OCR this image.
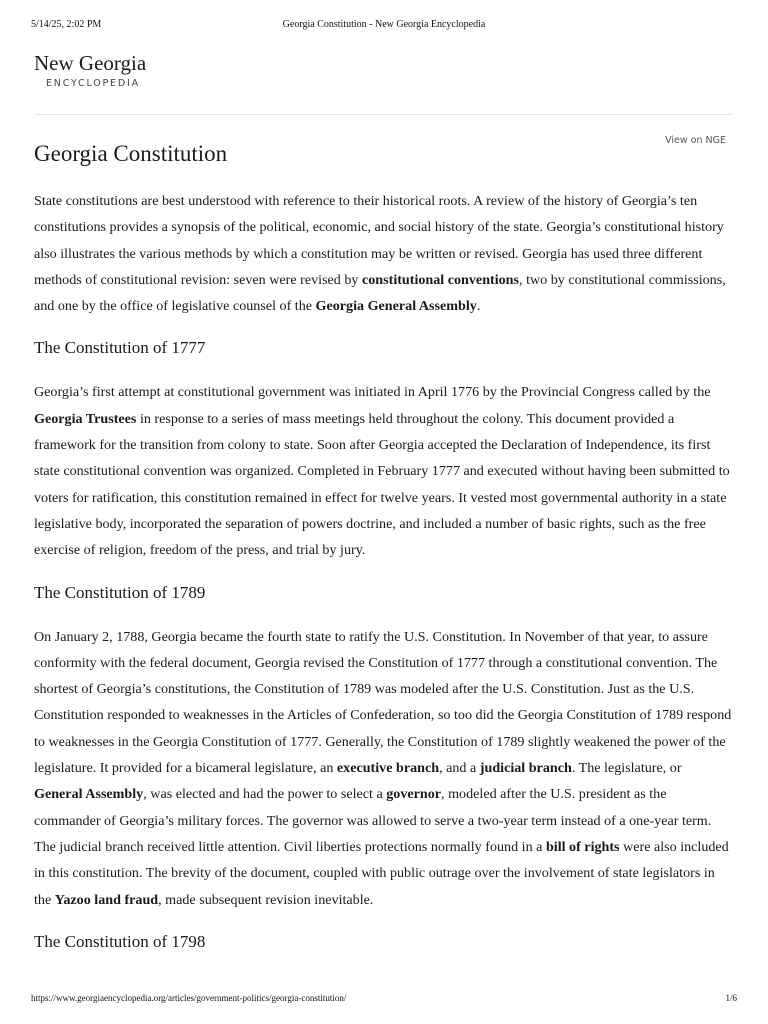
5/14/25, 2:02 PM	Georgia Constitution - New Georgia Encyclopedia
New Georgia
ENCYCLOPEDIA
View on NGE
Georgia Constitution

State constitutions are best understood with reference to their historical roots. A review of the history of Georgia’s ten constitutions provides a synopsis of the political, economic, and social history of the state. Georgia’s constitutional history also illustrates the various methods by which a constitution may be written or revised. Georgia has used three different methods of constitutional revision: seven were revised by constitutional conventions, two by constitutional commissions, and one by the office of legislative counsel of the Georgia General Assembly.

The Constitution of 1777

Georgia’s first attempt at constitutional government was initiated in April 1776 by the Provincial Congress called by the Georgia Trustees in response to a series of mass meetings held throughout the colony. This document provided a framework for the transition from colony to state. Soon after Georgia accepted the Declaration of Independence, its first state constitutional convention was organized. Completed in February 1777 and executed without having been submitted to voters for ratification, this constitution remained in effect for twelve years. It vested most governmental authority in a state legislative body, incorporated the separation of powers doctrine, and included a number of basic rights, such as the free exercise of religion, freedom of the press, and trial by jury.

The Constitution of 1789

On January 2, 1788, Georgia became the fourth state to ratify the U.S. Constitution. In November of that year, to assure conformity with the federal document, Georgia revised the Constitution of 1777 through a constitutional convention. The shortest of Georgia’s constitutions, the Constitution of 1789 was modeled after the U.S. Constitution. Just as the U.S. Constitution responded to weaknesses in the Articles of Confederation, so too did the Georgia Constitution of 1789 respond to weaknesses in the Georgia Constitution of 1777. Generally, the Constitution of 1789 slightly weakened the power of the legislature. It provided for a bicameral legislature, an executive branch, and a judicial branch. The legislature, or General Assembly, was elected and had the power to select a governor, modeled after the U.S. president as the commander of Georgia’s military forces. The governor was allowed to serve a two-year term instead of a one-year term. The judicial branch received little attention. Civil liberties protections normally found in a bill of rights were also included in this constitution. The brevity of the document, coupled with public outrage over the involvement of state legislators in the Yazoo land fraud, made subsequent revision inevitable.

The Constitution of 1798
https://www.georgiaencyclopedia.org/articles/government-politics/georgia-constitution/	1/6
